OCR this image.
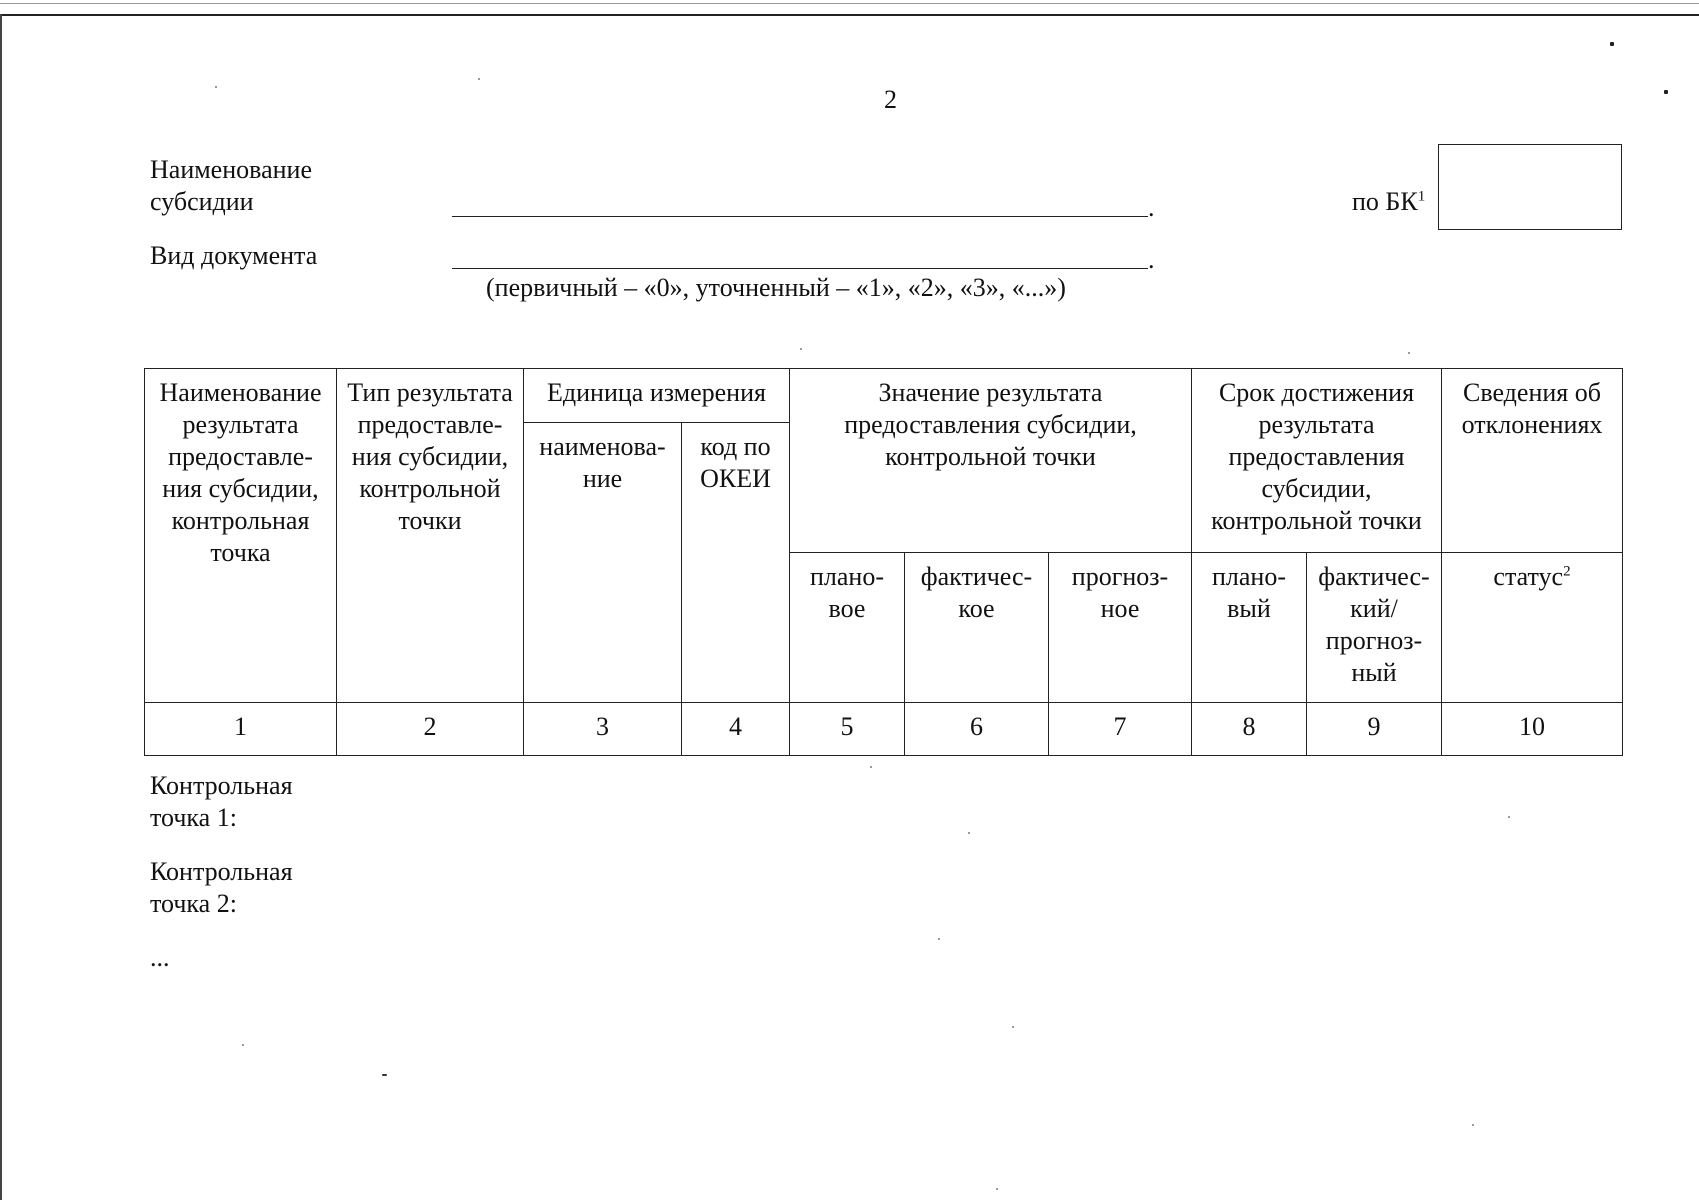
2
Наименование
субсидии	.
Вид документа	.
(первичный – «0», уточненный – «1», «2», «3», «...»)
по $БК^1$
Наименование результата предоставле-ния субсидии, контрольная точка	Тип результата предоставле-ния субсидии, контрольной точки	Единица измерения		Значение результата предоставления субсидии, контрольной точки			Срок достижения результата предоставления субсидии, контрольной точки		Сведения об отклонениях
		наименова-ние	код по ОКЕИ						
				плано-вое	фактичес-кое	прогноз-ное	плано-вый	фактичес-кий/ прогноз-ный	статус$^2$
1	2	3	4	5	6	7	8	9	10
Контрольная
точка 1:
Контрольная
точка 2:
...
